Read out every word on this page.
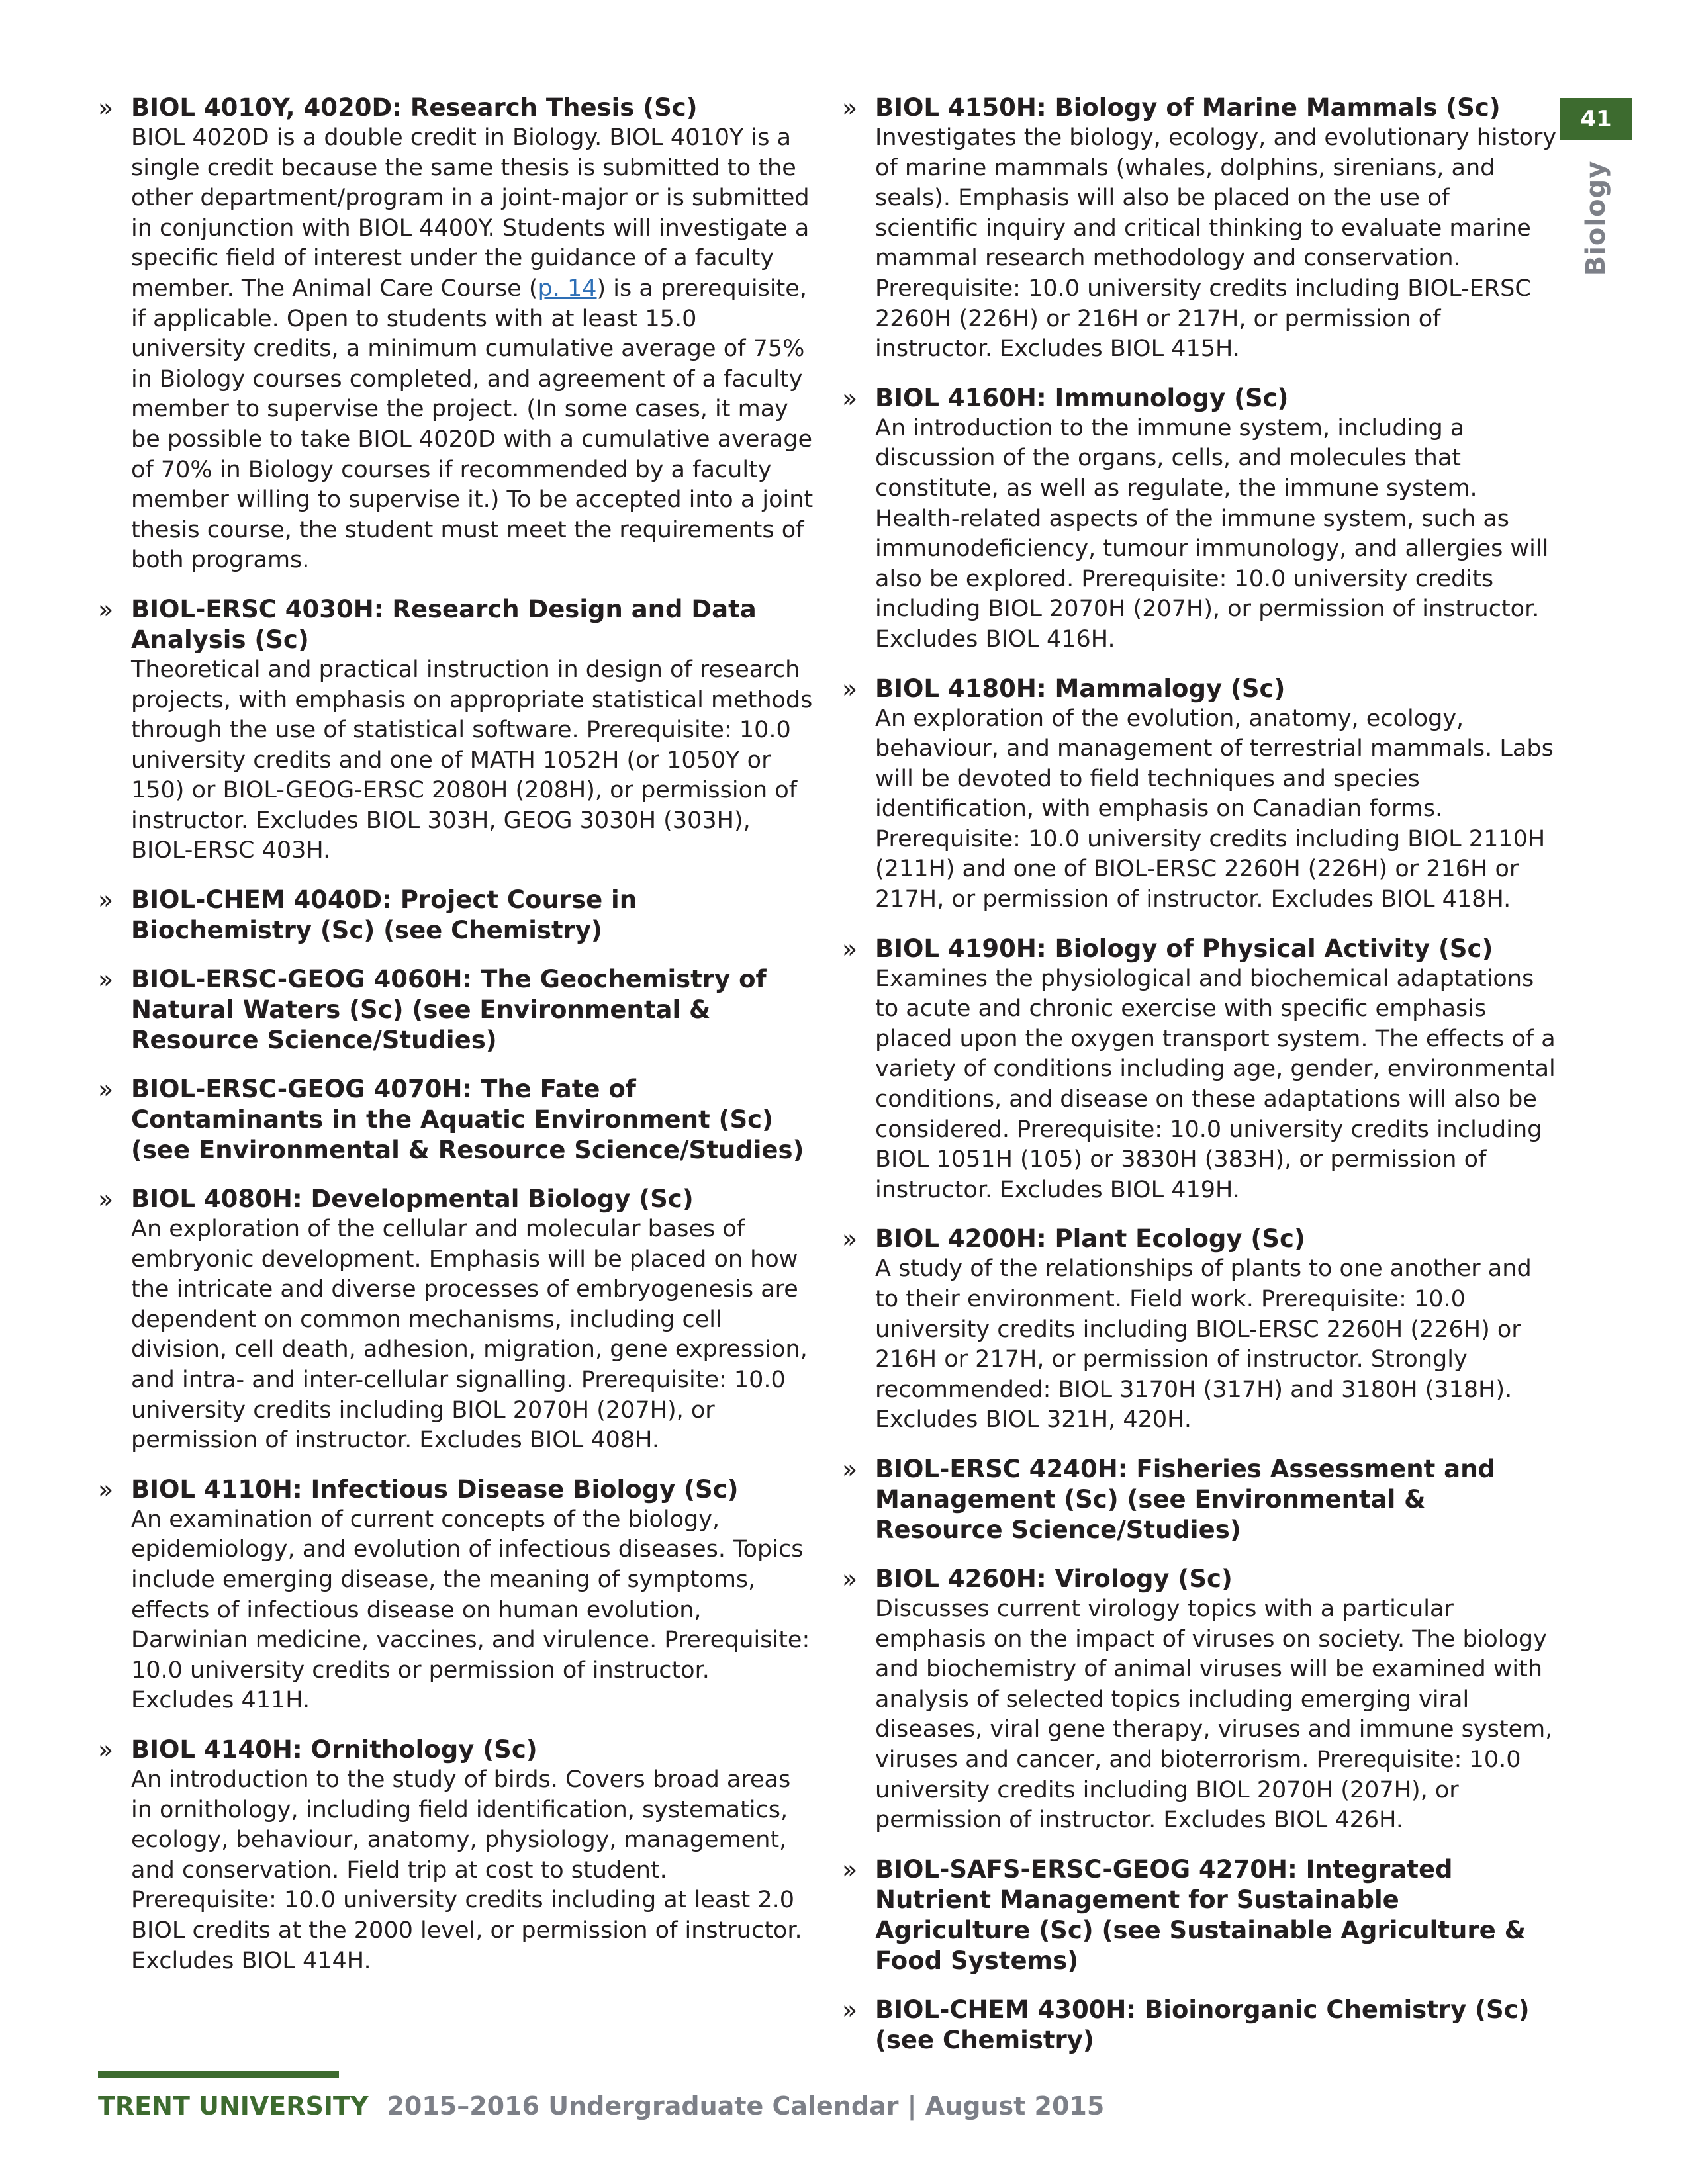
41
Biology
» BIOL 4010Y, 4020D: Research Thesis (Sc)

BIOL 4020D is a double credit in Biology. BIOL 4010Y is a single credit because the same thesis is submitted to the other department/program in a joint-major or is submitted in conjunction with BIOL 4400Y. Students will investigate a specific field of interest under the guidance of a faculty member. The Animal Care Course (p. 14) is a prerequisite, if applicable. Open to students with at least 15.0 university credits, a minimum cumulative average of 75% in Biology courses completed, and agreement of a faculty member to supervise the project. (In some cases, it may be possible to take BIOL 4020D with a cumulative average of 70% in Biology courses if recommended by a faculty member willing to supervise it.) To be accepted into a joint thesis course, the student must meet the requirements of both programs.

» BIOL-ERSC 4030H: Research Design and Data Analysis (Sc)

Theoretical and practical instruction in design of research projects, with emphasis on appropriate statistical methods through the use of statistical software. Prerequisite: 10.0 university credits and one of MATH 1052H (or 1050Y or 150) or BIOL-GEOG-ERSC 2080H (208H), or permission of instructor. Excludes BIOL 303H, GEOG 3030H (303H), BIOL-ERSC 403H.

» BIOL-CHEM 4040D: Project Course in Biochemistry (Sc) (see Chemistry)

» BIOL-ERSC-GEOG 4060H: The Geochemistry of Natural Waters (Sc) (see Environmental & Resource Science/Studies)

» BIOL-ERSC-GEOG 4070H: The Fate of Contaminants in the Aquatic Environment (Sc) (see Environmental & Resource Science/Studies)

» BIOL 4080H: Developmental Biology (Sc)

An exploration of the cellular and molecular bases of embryonic development. Emphasis will be placed on how the intricate and diverse processes of embryogenesis are dependent on common mechanisms, including cell division, cell death, adhesion, migration, gene expression, and intra- and inter-cellular signalling. Prerequisite: 10.0 university credits including BIOL 2070H (207H), or permission of instructor. Excludes BIOL 408H.

» BIOL 4110H: Infectious Disease Biology (Sc)

An examination of current concepts of the biology, epidemiology, and evolution of infectious diseases. Topics include emerging disease, the meaning of symptoms, effects of infectious disease on human evolution, Darwinian medicine, vaccines, and virulence. Prerequisite: 10.0 university credits or permission of instructor. Excludes 411H.

» BIOL 4140H: Ornithology (Sc)

An introduction to the study of birds. Covers broad areas in ornithology, including field identification, systematics, ecology, behaviour, anatomy, physiology, management, and conservation. Field trip at cost to student. Prerequisite: 10.0 university credits including at least 2.0 BIOL credits at the 2000 level, or permission of instructor. Excludes BIOL 414H.

» BIOL 4150H: Biology of Marine Mammals (Sc)

Investigates the biology, ecology, and evolutionary history of marine mammals (whales, dolphins, sirenians, and seals). Emphasis will also be placed on the use of scientific inquiry and critical thinking to evaluate marine mammal research methodology and conservation. Prerequisite: 10.0 university credits including BIOL-ERSC 2260H (226H) or 216H or 217H, or permission of instructor. Excludes BIOL 415H.

» BIOL 4160H: Immunology (Sc)

An introduction to the immune system, including a discussion of the organs, cells, and molecules that constitute, as well as regulate, the immune system. Health-related aspects of the immune system, such as immunodeficiency, tumour immunology, and allergies will also be explored. Prerequisite: 10.0 university credits including BIOL 2070H (207H), or permission of instructor. Excludes BIOL 416H.

» BIOL 4180H: Mammalogy (Sc)

An exploration of the evolution, anatomy, ecology, behaviour, and management of terrestrial mammals. Labs will be devoted to field techniques and species identification, with emphasis on Canadian forms. Prerequisite: 10.0 university credits including BIOL 2110H (211H) and one of BIOL-ERSC 2260H (226H) or 216H or 217H, or permission of instructor. Excludes BIOL 418H.

» BIOL 4190H: Biology of Physical Activity (Sc)

Examines the physiological and biochemical adaptations to acute and chronic exercise with specific emphasis placed upon the oxygen transport system. The effects of a variety of conditions including age, gender, environmental conditions, and disease on these adaptations will also be considered. Prerequisite: 10.0 university credits including BIOL 1051H (105) or 3830H (383H), or permission of instructor. Excludes BIOL 419H.

» BIOL 4200H: Plant Ecology (Sc)

A study of the relationships of plants to one another and to their environment. Field work. Prerequisite: 10.0 university credits including BIOL-ERSC 2260H (226H) or 216H or 217H, or permission of instructor. Strongly recommended: BIOL 3170H (317H) and 3180H (318H). Excludes BIOL 321H, 420H.

» BIOL-ERSC 4240H: Fisheries Assessment and Management (Sc) (see Environmental & Resource Science/Studies)

» BIOL 4260H: Virology (Sc)

Discusses current virology topics with a particular emphasis on the impact of viruses on society. The biology and biochemistry of animal viruses will be examined with analysis of selected topics including emerging viral diseases, viral gene therapy, viruses and immune system, viruses and cancer, and bioterrorism. Prerequisite: 10.0 university credits including BIOL 2070H (207H), or permission of instructor. Excludes BIOL 426H.

» BIOL-SAFS-ERSC-GEOG 4270H: Integrated Nutrient Management for Sustainable Agriculture (Sc) (see Sustainable Agriculture & Food Systems)

» BIOL-CHEM 4300H: Bioinorganic Chemistry (Sc) (see Chemistry)

TRENT UNIVERSITY 2015–2016 Undergraduate Calendar | August 2015
